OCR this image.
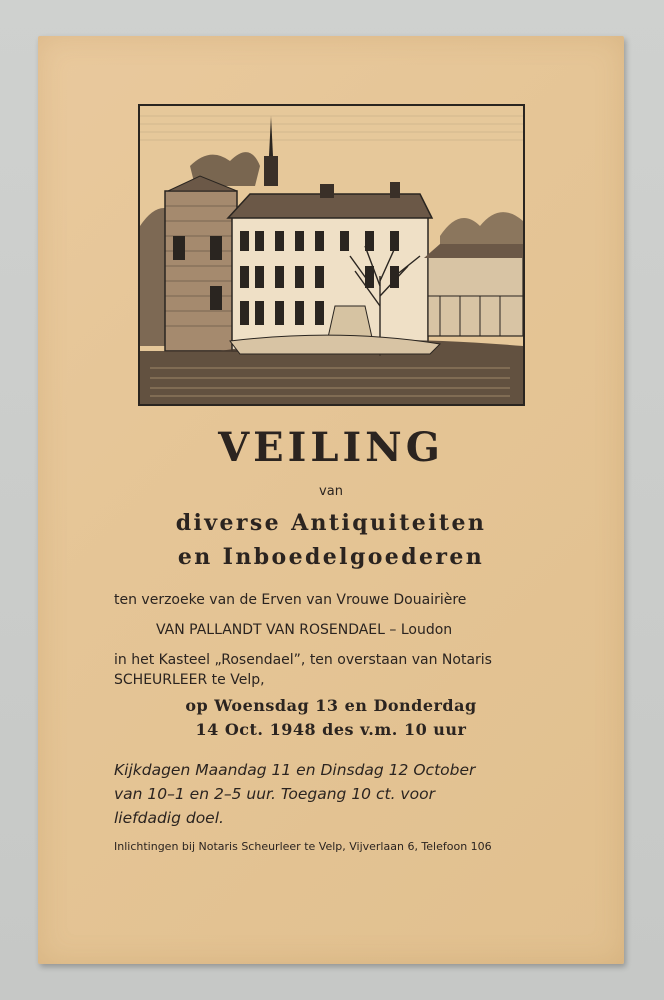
VEILING
van
diverse Antiquiteiten
en Inboedelgoederen
ten verzoeke van de Erven van Vrouwe Douairière
VAN PALLANDT VAN ROSENDAEL – Loudon
in het Kasteel „Rosendael”, ten overstaan van Notaris
SCHEURLEER te Velp,
op Woensdag 13 en Donderdag
14 Oct. 1948 des v.m. 10 uur
Kijkdagen Maandag 11 en Dinsdag 12 October
van 10–1 en 2–5 uur. Toegang 10 ct. voor
liefdadig doel.
Inlichtingen bij Notaris Scheurleer te Velp, Vijverlaan 6, Telefoon 106
